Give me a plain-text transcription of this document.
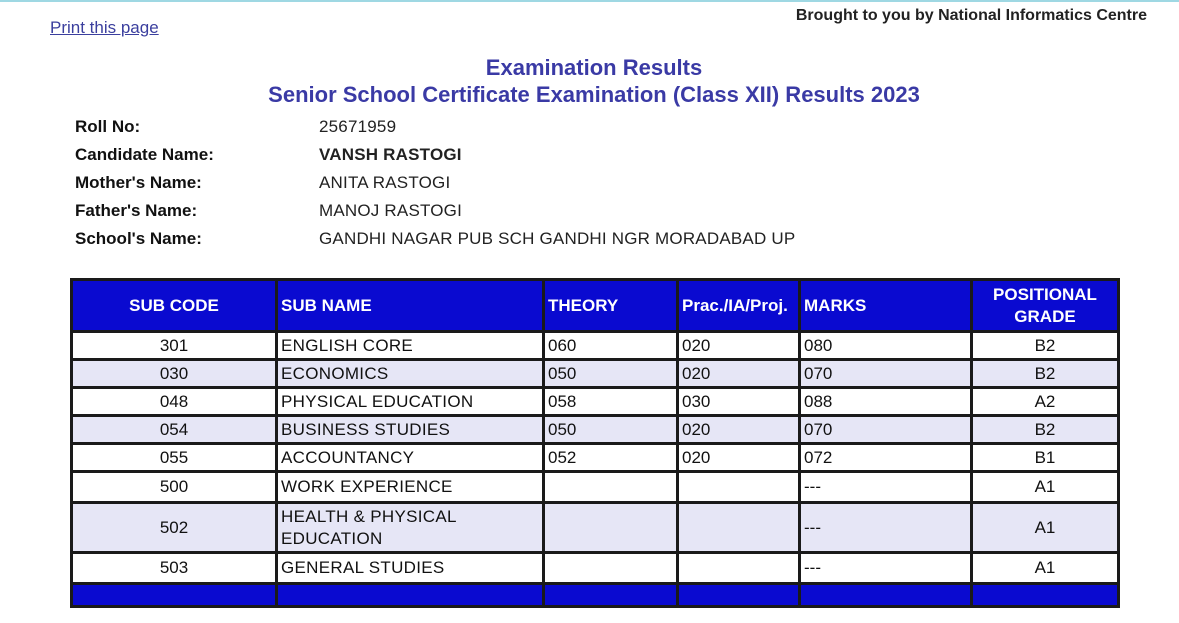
Print this page
Brought to you by National Informatics Centre
Examination Results
Senior School Certificate Examination (Class XII) Results 2023
Roll No:	25671959
Candidate Name:	VANSH RASTOGI
Mother's Name:	ANITA RASTOGI
Father's Name:	MANOJ RASTOGI
School's Name:	GANDHI NAGAR PUB SCH GANDHI NGR MORADABAD UP
SUB CODE	SUB NAME	THEORY	Prac./IA/Proj.	MARKS	POSITIONAL
GRADE
301	ENGLISH CORE	060	020	080	B2
030	ECONOMICS	050	020	070	B2
048	PHYSICAL EDUCATION	058	030	088	A2
054	BUSINESS STUDIES	050	020	070	B2
055	ACCOUNTANCY	052	020	072	B1
500	WORK EXPERIENCE			---	A1
502	HEALTH & PHYSICAL EDUCATION			---	A1
503	GENERAL STUDIES			---	A1
